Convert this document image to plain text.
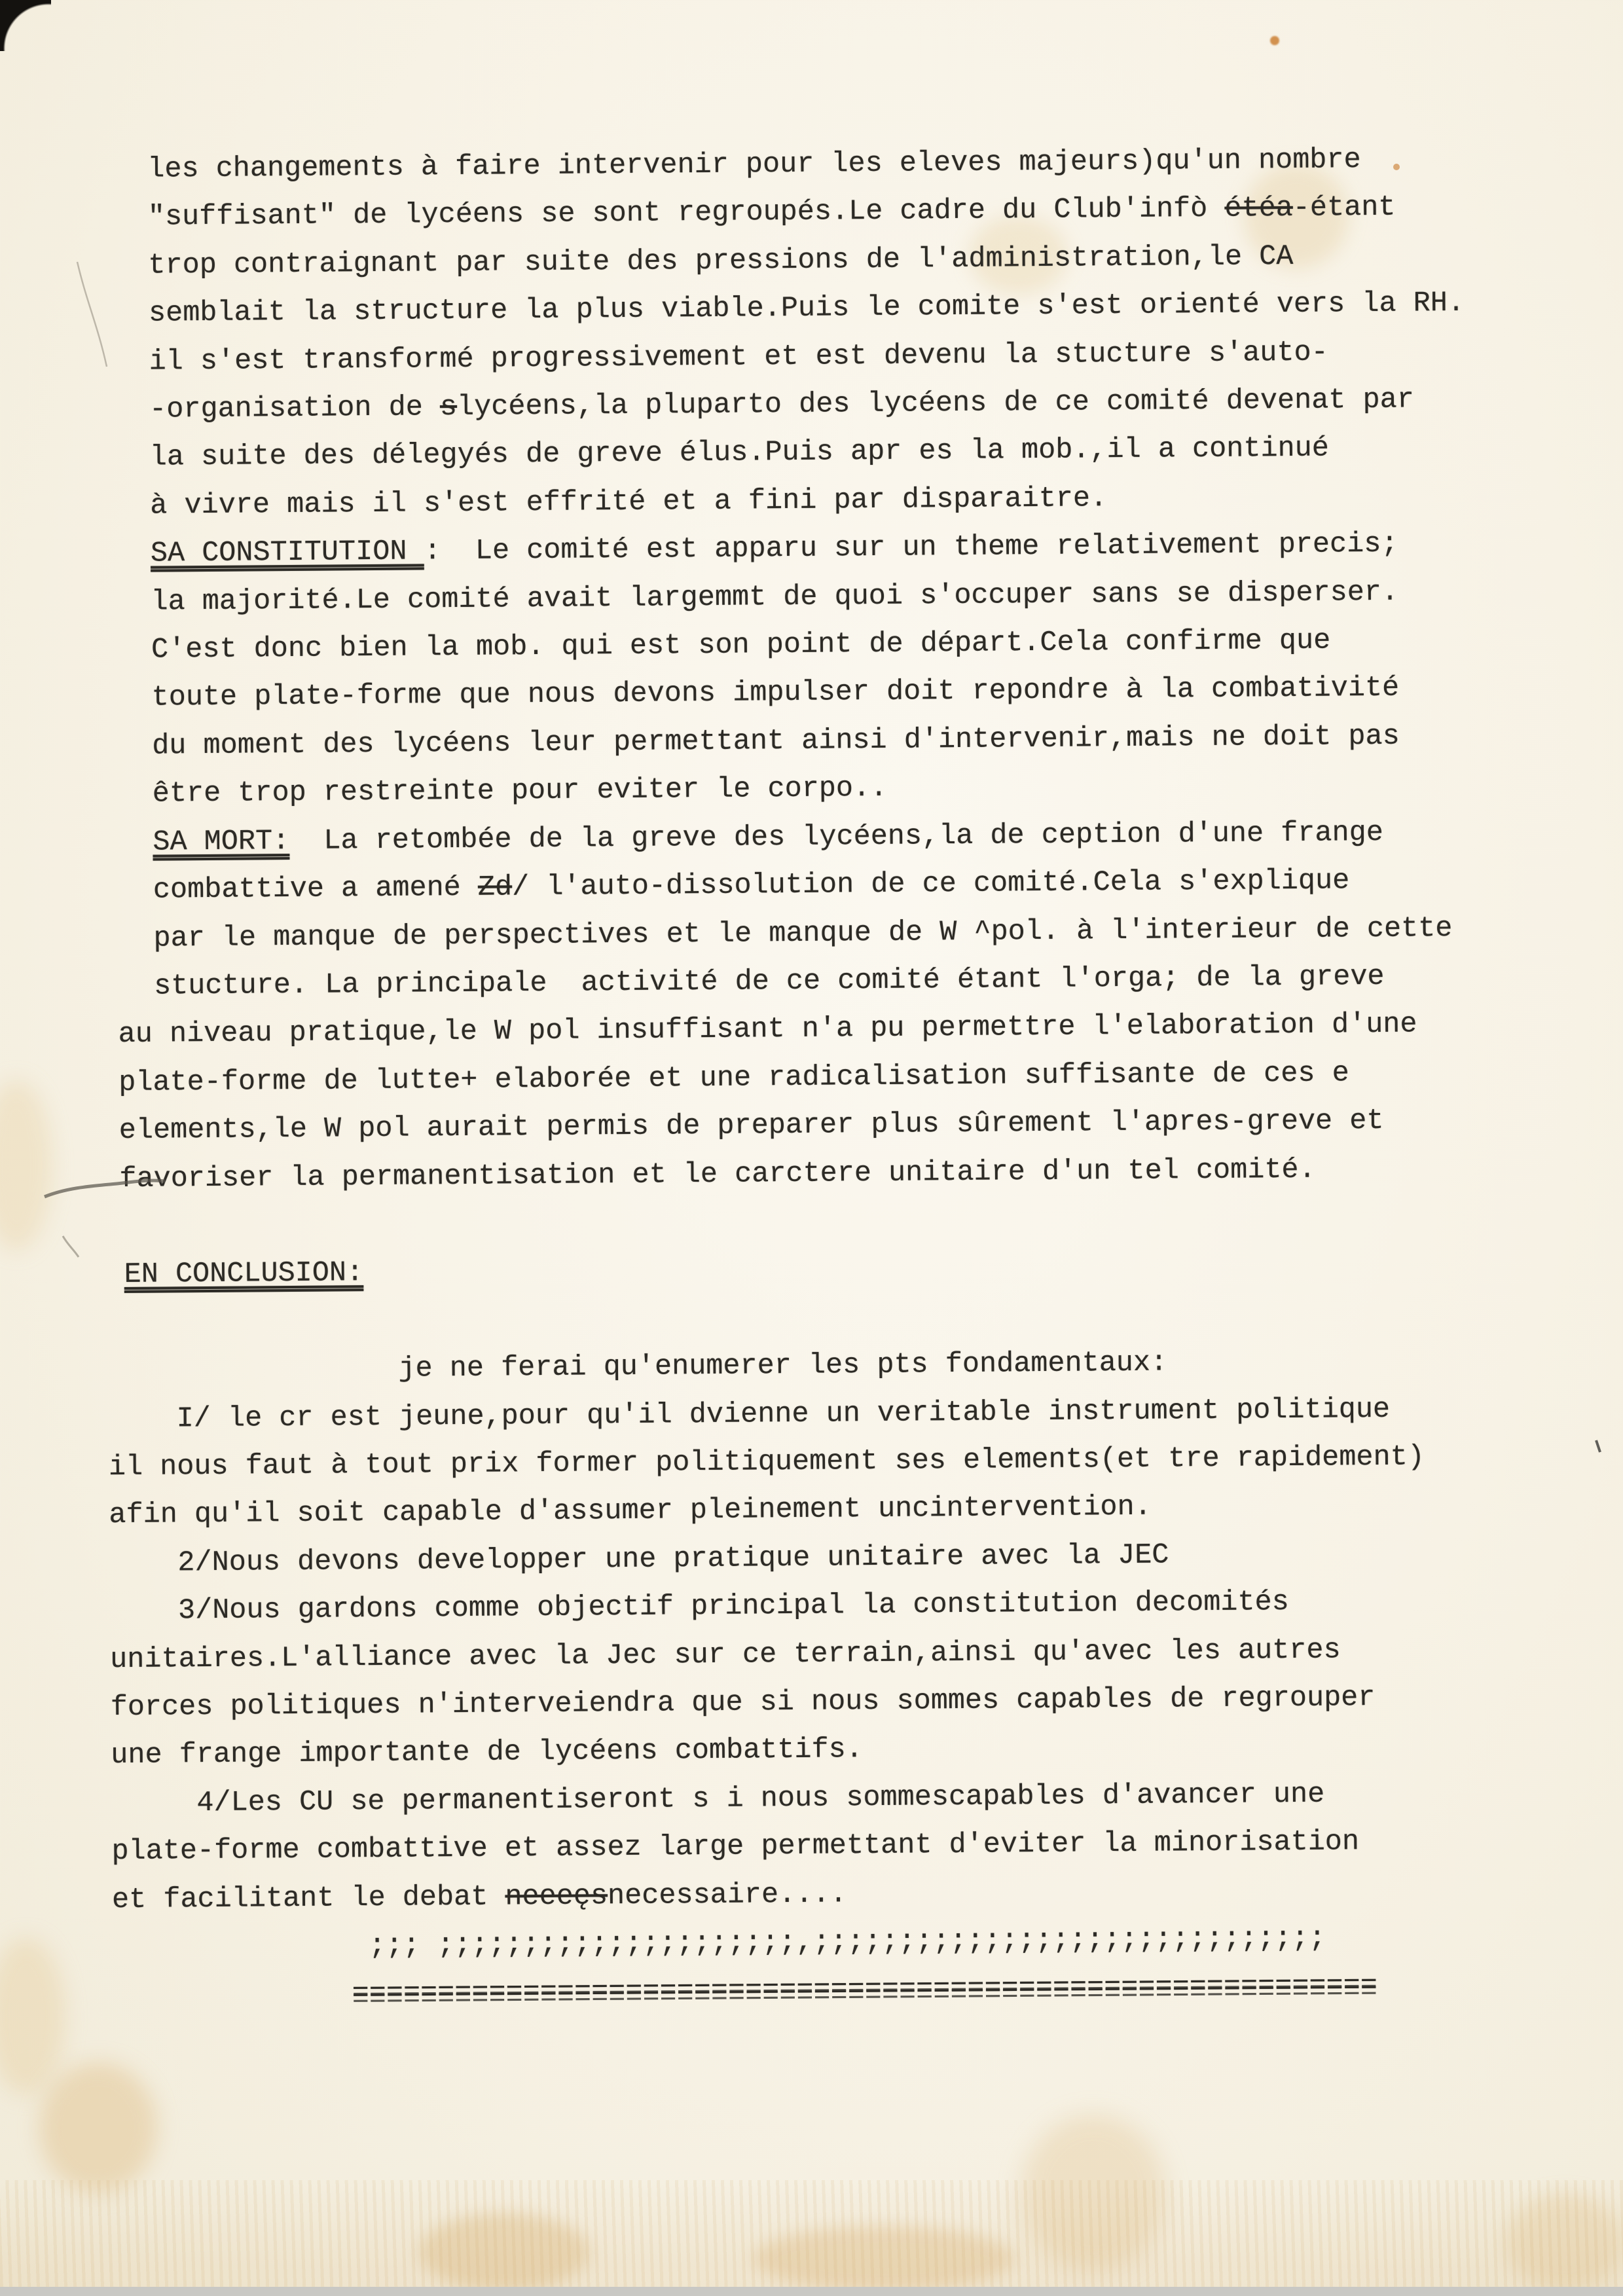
les changements à faire intervenir pour les eleves majeurs)qu'un nombre
"suffisant" de lycéens se sont regroupés.Le cadre du Club'infò étéa-étant
trop contraignant par suite des pressions de l'administration,le CA
semblait la structure la plus viable.Puis le comite s'est orienté vers la RH.
il s'est transformé progressivement et est devenu la stucture s'auto-
-organisation de slycéens,la pluparto des lycéens de ce comité devenat par
la suite des délegyés de greve élus.Puis apr es la mob.,il a continué
à vivre mais il s'est effrité et a fini par disparaitre.
SA CONSTITUTION :  Le comité est apparu sur un theme relativement precis;
la majorité.Le comité avait largemmt de quoi s'occuper sans se disperser.
C'est donc bien la mob. qui est son point de départ.Cela confirme que
toute plate-forme que nous devons impulser doit repondre à la combativité
du moment des lycéens leur permettant ainsi d'intervenir,mais ne doit pas
être trop restreinte pour eviter le corpo..
SA MORT:  La retombée de la greve des lycéens,la de ception d'une frange
combattive a amené Zd/ l'auto-dissolution de ce comité.Cela s'explique
par le manque de perspectives et le manque de W ^pol. à l'interieur de cette
stucture. La principale  activité de ce comité étant l'orga; de la greve
au niveau pratique,le W pol insuffisant n'a pu permettre l'elaboration d'une
plate-forme de lutte+ elaborée et une radicalisation suffisante de ces e
elements,le W pol aurait permis de preparer plus sûrement l'apres-greve et
favoriser la permanentisation et le carctere unitaire d'un tel comité.

EN CONCLUSION:

je ne ferai qu'enumerer les pts fondamentaux:
I/ le cr est jeune,pour qu'il dvienne un veritable instrument politique
il nous faut à tout prix former politiquement ses elements(et tre rapidement)
afin qu'il soit capable d'assumer pleinement uncintervention.
2/Nous devons developper une pratique unitaire avec la JEC
3/Nous gardons comme objectif principal la constitution decomités
unitaires.L'alliance avec la Jec sur ce terrain,ainsi qu'avec les autres
forces politiques n'interveiendra que si nous sommes capables de regrouper
une frange importante de lycéens combattifs.
4/Les CU se permanentiseront s i nous sommescapables d'avancer une
plate-forme combattive et assez large permettant d'eviter la minorisation
et facilitant le debat neeeęsnecessaire....
;;; ;;;;;;;;;;;;;;;;;;;;;,;;;;;;;;;;;;;;;;;;;;;;;;;;;;;;
============================================================
